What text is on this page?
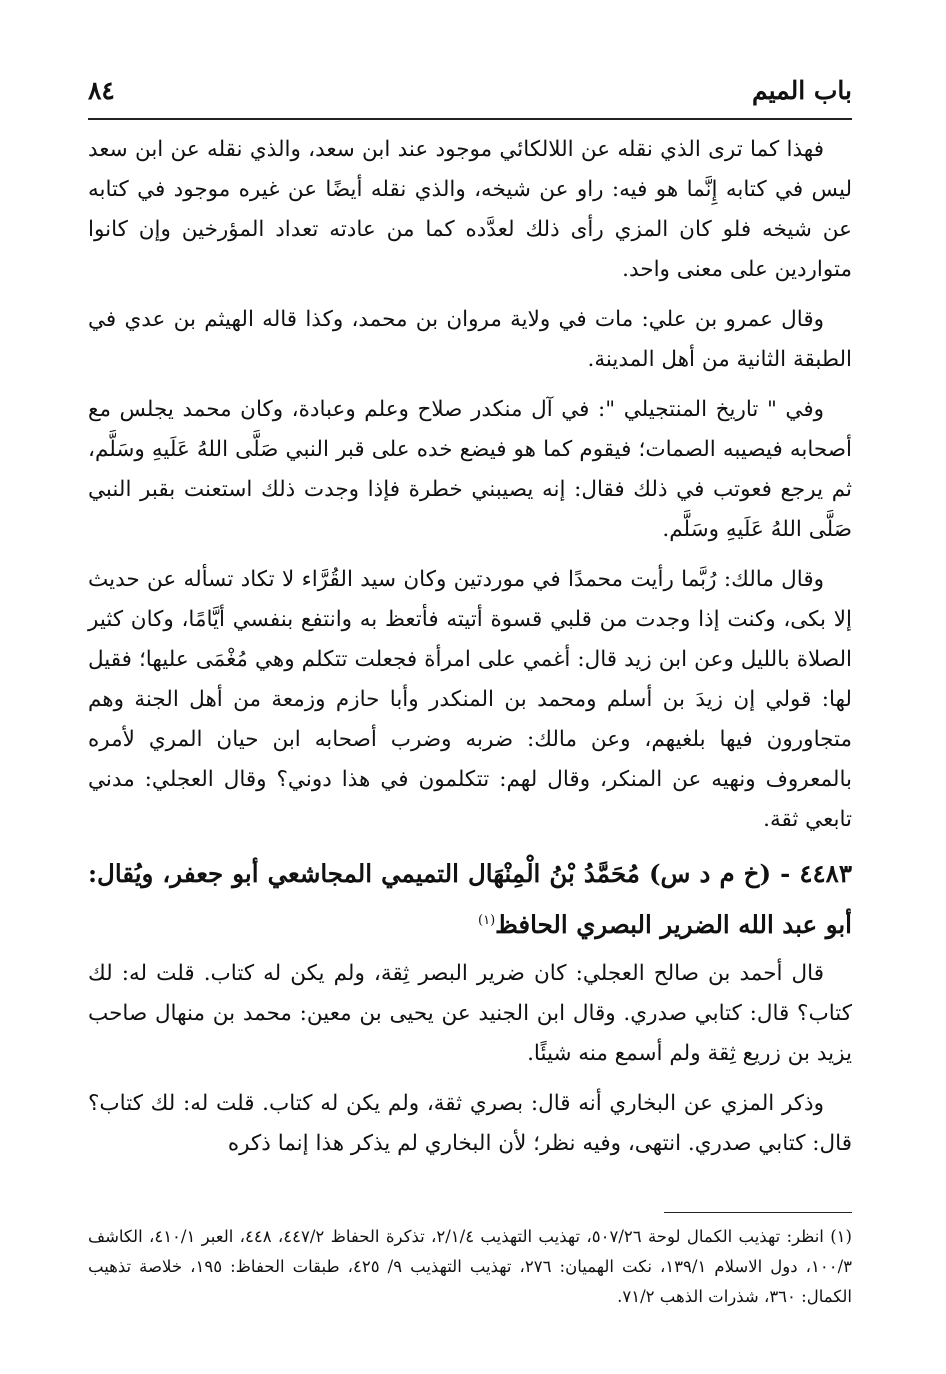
باب الميم
٨٤

فهذا كما ترى الذي نقله عن اللالكائي موجود عند ابن سعد، والذي نقله عن ابن سعد ليس في كتابه إِنَّما هو فيه: راو عن شيخه، والذي نقله أيضًا عن غيره موجود في كتابه عن شيخه فلو كان المزي رأى ذلك لعدَّده كما من عادته تعداد المؤرخين وإن كانوا متواردين على معنى واحد.

وقال عمرو بن علي: مات في ولاية مروان بن محمد، وكذا قاله الهيثم بن عدي في الطبقة الثانية من أهل المدينة.

وفي " تاريخ المنتجيلي ": في آل منكدر صلاح وعلم وعبادة، وكان محمد يجلس مع أصحابه فيصيبه الصمات؛ فيقوم كما هو فيضع خده على قبر النبي صَلَّى اللهُ عَلَيهِ وسَلَّم، ثم يرجع فعوتب في ذلك فقال: إنه يصيبني خطرة فإذا وجدت ذلك استعنت بقبر النبي صَلَّى اللهُ عَلَيهِ وسَلَّم.

وقال مالك: رُبَّما رأيت محمدًا في موردتين وكان سيد القُرَّاء لا تكاد تسأله عن حديث إلا بكى، وكنت إذا وجدت من قلبي قسوة أتيته فأتعظ به وانتفع بنفسي أيَّامًا، وكان كثير الصلاة بالليل وعن ابن زيد قال: أغمي على امرأة فجعلت تتكلم وهي مُغْمَى عليها؛ فقيل لها: قولي إن زيدَ بن أسلم ومحمد بن المنكدر وأبا حازم وزمعة من أهل الجنة وهم متجاورون فيها بلغيهم، وعن مالك: ضربه وضرب أصحابه ابن حيان المري لأمره بالمعروف ونهيه عن المنكر، وقال لهم: تتكلمون في هذا دوني؟ وقال العجلي: مدني تابعي ثقة.

٤٤٨٣ - (خ م د س) مُحَمَّدُ بْنُ الْمِنْهَال التميمي المجاشعي أبو جعفر، ويُقال: أبو عبد الله الضرير البصري الحافظ$^{(١)}$

قال أحمد بن صالح العجلي: كان ضرير البصر ثِقة، ولم يكن له كتاب. قلت له: لك كتاب؟ قال: كتابي صدري. وقال ابن الجنيد عن يحيى بن معين: محمد بن منهال صاحب يزيد بن زريع ثِقة ولم أسمع منه شيئًا.

وذكر المزي عن البخاري أنه قال: بصري ثقة، ولم يكن له كتاب. قلت له: لك كتاب؟ قال: كتابي صدري. انتهى، وفيه نظر؛ لأن البخاري لم يذكر هذا إنما ذكره

(١) انظر: تهذيب الكمال لوحة ٥٠٧/٢٦، تهذيب التهذيب ٢/١/٤، تذكرة الحفاظ ٤٤٧/٢، ٤٤٨، العبر ٤١٠/١، الكاشف ١٠٠/٣، دول الاسلام ١٣٩/١، نكت الهميان: ٢٧٦، تهذيب التهذيب ٩/ ٤٢٥، طبقات الحفاظ: ١٩٥، خلاصة تذهيب الكمال: ٣٦٠، شذرات الذهب ٧١/٢.
